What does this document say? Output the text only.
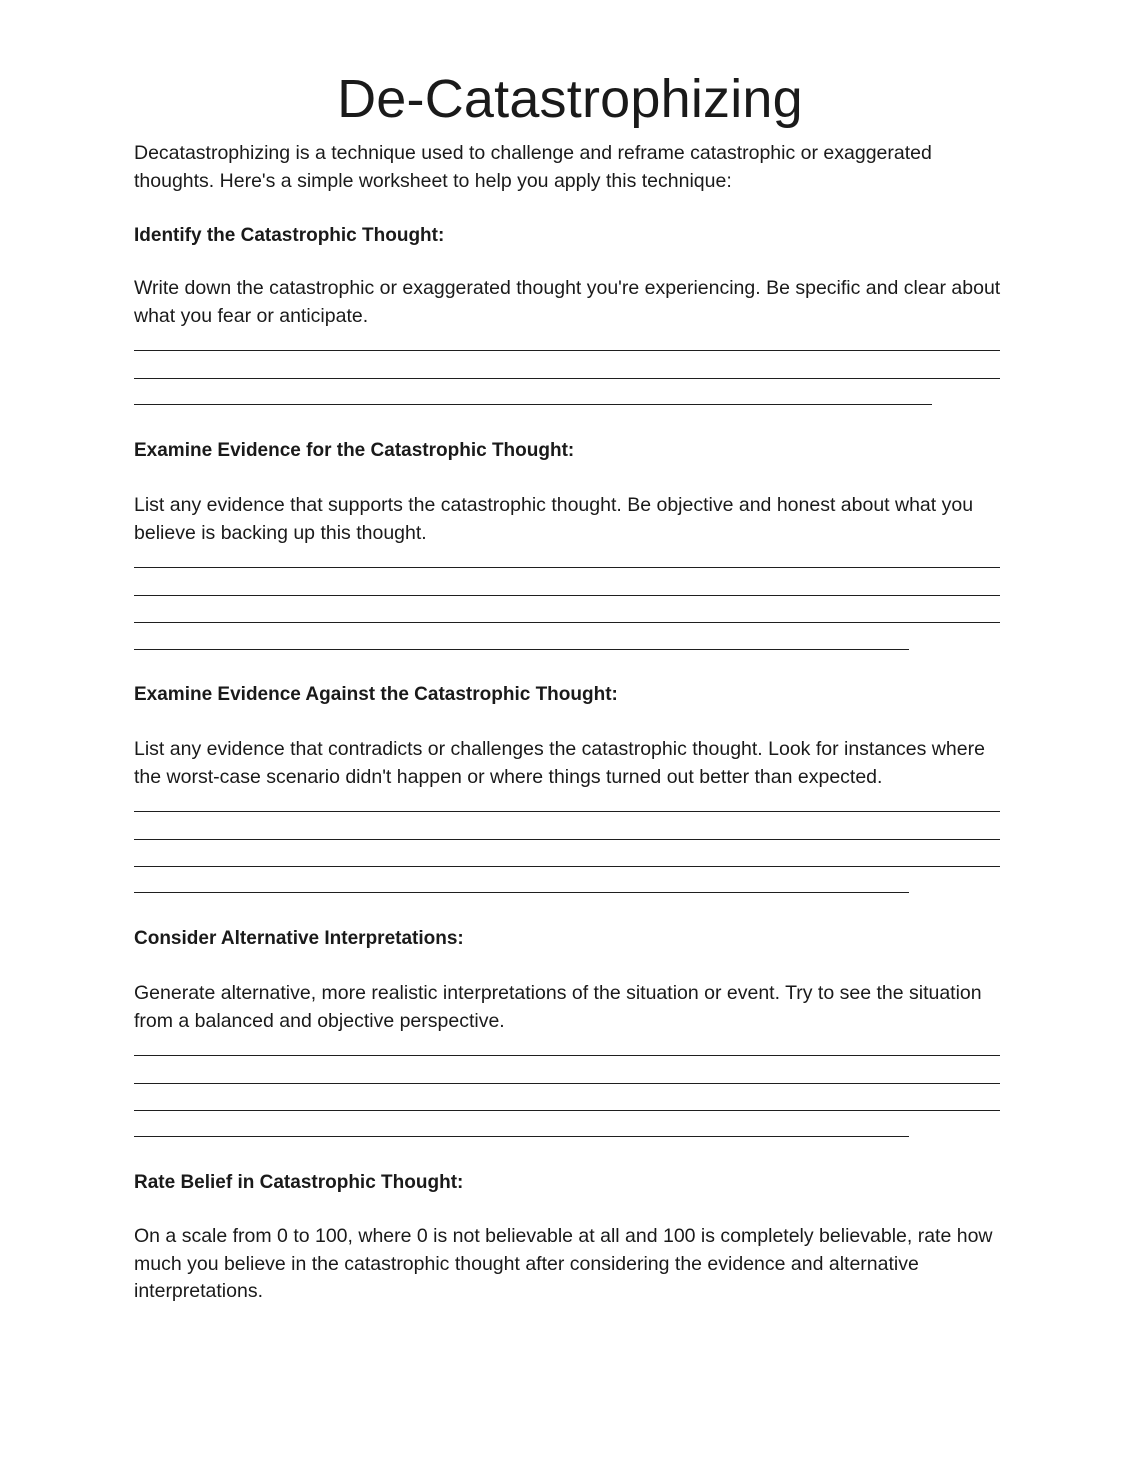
De-Catastrophizing

Decatastrophizing is a technique used to challenge and reframe catastrophic or exaggerated thoughts. Here's a simple worksheet to help you apply this technique:

Identify the Catastrophic Thought:

Write down the catastrophic or exaggerated thought you're experiencing. Be specific and clear about what you fear or anticipate.

Examine Evidence for the Catastrophic Thought:

List any evidence that supports the catastrophic thought. Be objective and honest about what you believe is backing up this thought.

Examine Evidence Against the Catastrophic Thought:

List any evidence that contradicts or challenges the catastrophic thought. Look for instances where the worst-case scenario didn't happen or where things turned out better than expected.

Consider Alternative Interpretations:

Generate alternative, more realistic interpretations of the situation or event. Try to see the situation from a balanced and objective perspective.

Rate Belief in Catastrophic Thought:

On a scale from 0 to 100, where 0 is not believable at all and 100 is completely believable, rate how much you believe in the catastrophic thought after considering the evidence and alternative interpretations.
